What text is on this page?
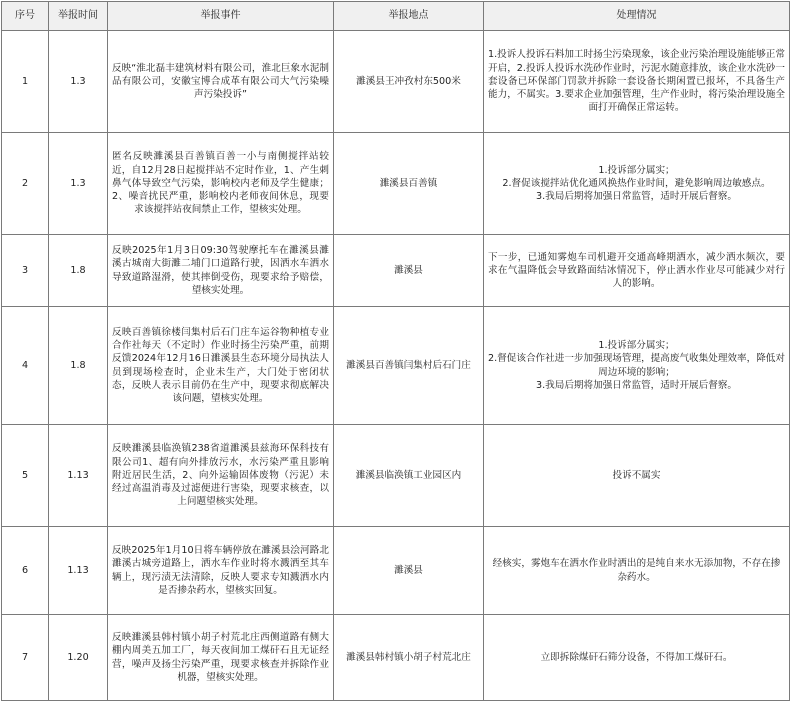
序号	举报时间	举报事件	举报地点	处理情况
1	1.3	反映“淮北磊丰建筑材料有限公司，淮北巨象水泥制品有限公司，安徽宝博合成革有限公司大气污染噪声污染投诉”	濉溪县王冲孜村东500米	1.投诉人投诉石料加工时扬尘污染现象，该企业污染治理设施能够正常开启，2.投诉人投诉水洗砂作业时，污泥水随意排放，该企业水洗砂一套设备已环保部门罚款并拆除一套设备长期闲置已报坏，不具备生产能力，不属实。3.要求企业加强管理，生产作业时，将污染治理设施全面打开确保正常运转。
2	1.3	匿名反映濉溪县百善镇百善一小与南侧搅拌站较近，自12月28日起搅拌站不定时作业，1、产生刺鼻气体导致空气污染，影响校内老师及学生健康；2、噪音扰民严重，影响校内老师夜间休息，现要求该搅拌站夜间禁止工作，望核实处理。	濉溪县百善镇	1.投诉部分属实；
2.督促该搅拌站优化通风换热作业时间，避免影响周边敏感点。
3.我局后期将加强日常监管，适时开展后督察。

3	1.8	反映2025年1月3日09:30驾驶摩托车在濉溪县濉溪古城南大街濉二埔门口道路行驶，因洒水车洒水导致道路湿滑，使其摔倒受伤，现要求给予赔偿，望核实处理。	濉溪县	下一步，已通知雾炮车司机避开交通高峰期洒水，减少洒水频次，要求在气温降低会导致路面结冰情况下，停止洒水作业尽可能减少对行人的影响。
4	1.8	反映百善镇徐楼闫集村后石门庄车运谷物种植专业合作社每天（不定时）作业时扬尘污染严重，前期反馈2024年12月16日濉溪县生态环境分局执法人员到现场检查时，企业未生产，大门处于密闭状态，反映人表示目前仍在生产中，现要求彻底解决该问题，望核实处理。	濉溪县百善镇闫集村后石门庄	1.投诉部分属实；
2.督促该合作社进一步加强现场管理，提高废气收集处理效率，降低对周边环境的影响；
3.我局后期将加强日常监管，适时开展后督察。

5	1.13	反映濉溪县临涣镇238省道濉溪县兹海环保科技有限公司1、超有向外排放污水，水污染严重且影响附近居民生活，2、向外运输固体废物（污泥）未经过高温消毒及过滤便进行害染，现要求核查，以上问题望核实处理。	濉溪县临涣镇工业园区内	投诉不属实
6	1.13	反映2025年1月10日将车辆停放在濉溪县浍河路北濉溪古城旁道路上，洒水车作业时将水溅洒至其车辆上，现污渍无法清除，反映人要求专知溅洒水内是否掺杂药水，望核实回复。	濉溪县	经核实，雾炮车在洒水作业时洒出的是纯自来水无添加物，不存在掺杂药水。
7	1.20	反映濉溪县韩村镇小胡子村荒北庄西侧道路有侧大棚内周美五加工厂，每天夜间加工煤矸石且无证经营，噪声及扬尘污染严重，现要求核查并拆除作业机器，望核实处理。	濉溪县韩村镇小胡子村荒北庄	立即拆除煤矸石筛分设备，不得加工煤矸石。
